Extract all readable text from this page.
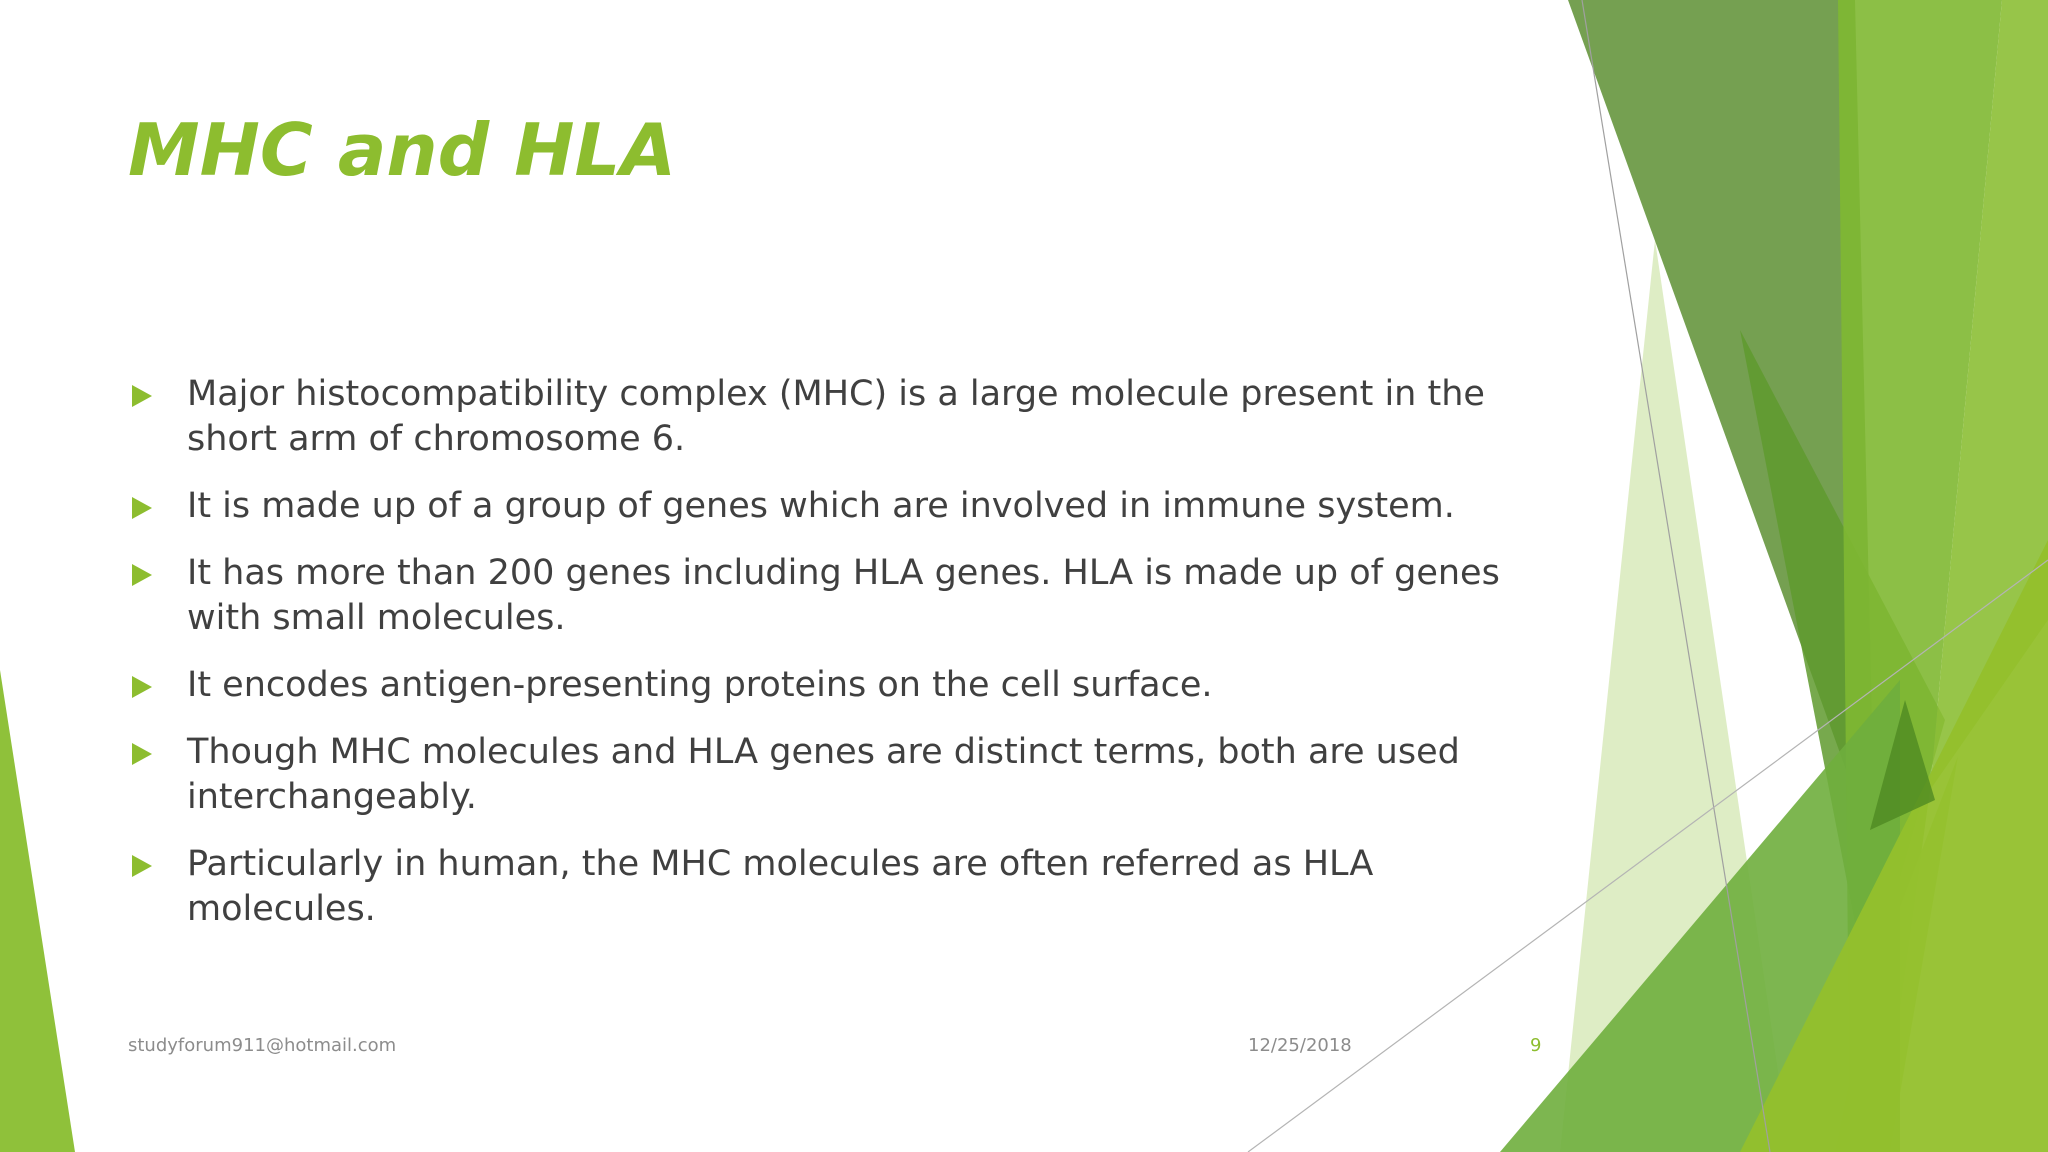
MHC and HLA
Major histocompatibility complex (MHC) is a large molecule present in the short arm of chromosome 6.
It is made up of a group of genes which are involved in immune system.
It has more than 200 genes including HLA genes. HLA is made up of genes with small molecules.
It encodes antigen-presenting proteins on the cell surface.
Though MHC molecules and HLA genes are distinct terms, both are used interchangeably.
Particularly in human, the MHC molecules are often referred as HLA molecules.
studyforum911@hotmail.com	12/25/2018	9
